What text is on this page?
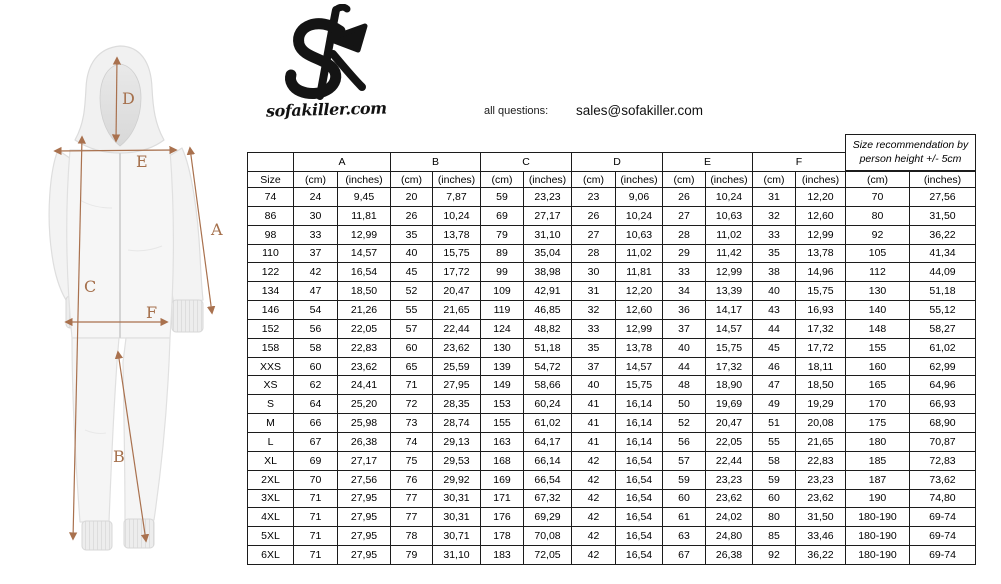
D
E
A
C
F
B
sofakiller.com	all questions: sales@sofakiller.com
	A		B		C		D		E		F		Size recommendation by person height +/- 5cm	

Size	(cm)	(inches)	(cm)	(inches)	(cm)	(inches)	(cm)	(inches)	(cm)	(inches)	(cm)	(inches)	(cm)	(inches)
74	24	9,45	20	7,87	59	23,23	23	9,06	26	10,24	31	12,20	70	27,56
86	30	11,81	26	10,24	69	27,17	26	10,24	27	10,63	32	12,60	80	31,50
98	33	12,99	35	13,78	79	31,10	27	10,63	28	11,02	33	12,99	92	36,22
110	37	14,57	40	15,75	89	35,04	28	11,02	29	11,42	35	13,78	105	41,34
122	42	16,54	45	17,72	99	38,98	30	11,81	33	12,99	38	14,96	112	44,09
134	47	18,50	52	20,47	109	42,91	31	12,20	34	13,39	40	15,75	130	51,18
146	54	21,26	55	21,65	119	46,85	32	12,60	36	14,17	43	16,93	140	55,12
152	56	22,05	57	22,44	124	48,82	33	12,99	37	14,57	44	17,32	148	58,27
158	58	22,83	60	23,62	130	51,18	35	13,78	40	15,75	45	17,72	155	61,02
XXS	60	23,62	65	25,59	139	54,72	37	14,57	44	17,32	46	18,11	160	62,99
XS	62	24,41	71	27,95	149	58,66	40	15,75	48	18,90	47	18,50	165	64,96
S	64	25,20	72	28,35	153	60,24	41	16,14	50	19,69	49	19,29	170	66,93
M	66	25,98	73	28,74	155	61,02	41	16,14	52	20,47	51	20,08	175	68,90
L	67	26,38	74	29,13	163	64,17	41	16,14	56	22,05	55	21,65	180	70,87
XL	69	27,17	75	29,53	168	66,14	42	16,54	57	22,44	58	22,83	185	72,83
2XL	70	27,56	76	29,92	169	66,54	42	16,54	59	23,23	59	23,23	187	73,62
3XL	71	27,95	77	30,31	171	67,32	42	16,54	60	23,62	60	23,62	190	74,80
4XL	71	27,95	77	30,31	176	69,29	42	16,54	61	24,02	80	31,50	180-190	69-74
5XL	71	27,95	78	30,71	178	70,08	42	16,54	63	24,80	85	33,46	180-190	69-74
6XL	71	27,95	79	31,10	183	72,05	42	16,54	67	26,38	92	36,22	180-190	69-74
